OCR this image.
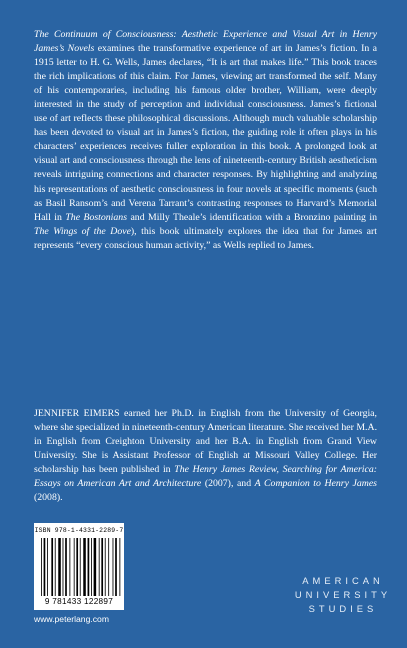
The Continuum of Consciousness: Aesthetic Experience and Visual Art in Henry James’s Novels examines the transformative experience of art in James’s fiction. In a 1915 letter to H. G. Wells, James declares, “It is art that makes life.” This book traces the rich implications of this claim. For James, viewing art transformed the self. Many of his contemporaries, including his famous older brother, William, were deeply interested in the study of perception and individual consciousness. James’s fictional use of art reflects these philosophical discussions. Although much valuable scholarship has been devoted to visual art in James’s fiction, the guiding role it often plays in his characters’ experiences receives fuller exploration in this book. A prolonged look at visual art and consciousness through the lens of nineteenth-century British aestheticism reveals intriguing connections and character responses. By highlighting and analyzing his representations of aesthetic consciousness in four novels at specific moments (such as Basil Ransom’s and Verena Tarrant’s contrasting responses to Harvard’s Memorial Hall in The Bostonians and Milly Theale’s identification with a Bronzino painting in The Wings of the Dove), this book ultimately explores the idea that for James art represents “every conscious human activity,” as Wells replied to James.

JENNIFER EIMERS earned her Ph.D. in English from the University of Georgia, where she specialized in nineteenth-century American literature. She received her M.A. in English from Creighton University and her B.A. in English from Grand View University. She is Assistant Professor of English at Missouri Valley College. Her scholarship has been published in The Henry James Review, Searching for America: Essays on American Art and Architecture (2007), and A Companion to Henry James (2008).

ISBN 978-1-4331-2289-7
9 781433 122897
www.peterlang.com
AMERICAN
UNIVERSITY
STUDIES
